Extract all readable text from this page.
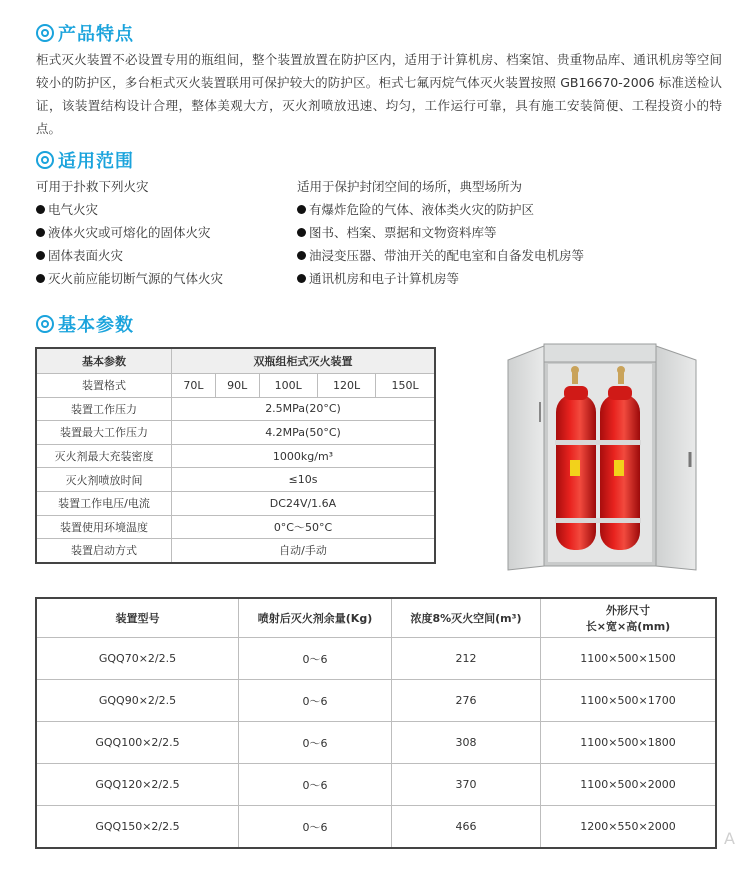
产品特点
柜式灭火装置不必设置专用的瓶组间，整个装置放置在防护区内，适用于计算机房、档案馆、贵重物品库、通讯机房等空间较小的防护区，多台柜式灭火装置联用可保护较大的防护区。柜式七氟丙烷气体灭火装置按照 GB16670-2006 标准送检认证，该装置结构设计合理，整体美观大方，灭火剂喷放迅速、均匀，工作运行可靠，具有施工安装简便、工程投资小的特点。
适用范围
可用于扑救下列火灾
电气火灾
液体火灾或可熔化的固体火灾
固体表面火灾
灭火前应能切断气源的气体火灾
适用于保护封闭空间的场所，典型场所为
有爆炸危险的气体、液体类火灾的防护区
图书、档案、票据和文物资料库等
油浸变压器、带油开关的配电室和自备发电机房等
通讯机房和电子计算机房等
基本参数
基本参数	双瓶组柜式灭火装置				
装置格式	70L	90L	100L	120L	150L
装置工作压力	2.5MPa(20°C)				
装置最大工作压力	4.2MPa(50°C)				
灭火剂最大充装密度	1000kg/m³				
灭火剂喷放时间	≤10s				
装置工作电压/电流	DC24V/1.6A				
装置使用环境温度	0°C～50°C				
装置启动方式	自动/手动				
装置型号	喷射后灭火剂余量(Kg)	浓度8%灭火空间(m³)	外形尺寸
长×宽×高(mm)

GQQ70×2/2.5	0～6	212	1100×500×1500
GQQ90×2/2.5	0～6	276	1100×500×1700
GQQ100×2/2.5	0～6	308	1100×500×1800
GQQ120×2/2.5	0～6	370	1100×500×2000
GQQ150×2/2.5	0～6	466	1200×550×2000
A
